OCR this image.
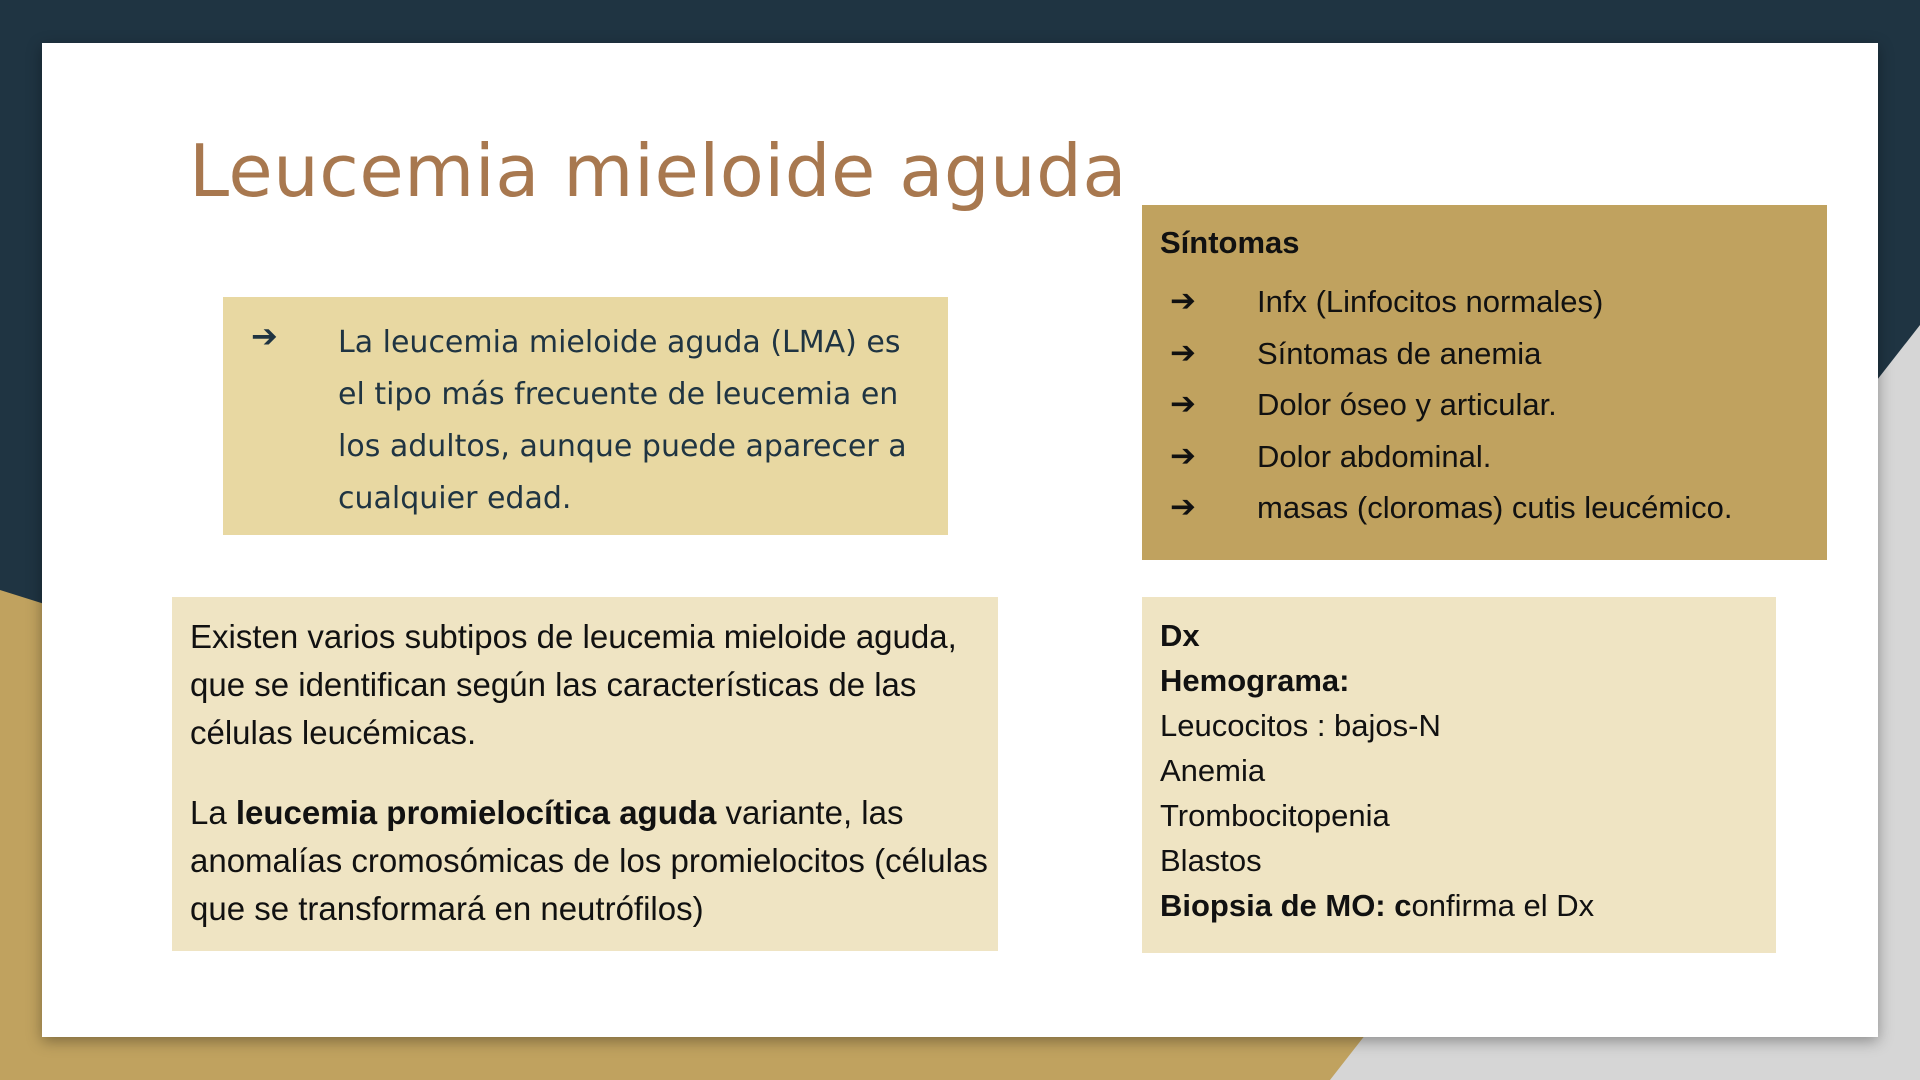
Leucemia mieloide aguda
➔ La leucemia mieloide aguda (LMA) es el tipo más frecuente de leucemia en los adultos, aunque puede aparecer a cualquier edad.

Síntomas
➔ Infx (Linfocitos normales)
➔ Síntomas de anemia
➔ Dolor óseo y articular.
➔ Dolor abdominal.
➔ masas (cloromas) cutis leucémico.

Existen varios subtipos de leucemia mieloide aguda, que se identifican según las características de las células leucémicas.

La leucemia promielocítica aguda variante, las anomalías cromosómicas de los promielocitos (células que se transformará en neutrófilos)

Dx
Hemograma:
Leucocitos : bajos-N
Anemia
Trombocitopenia
Blastos
Biopsia de MO: confirma el Dx
